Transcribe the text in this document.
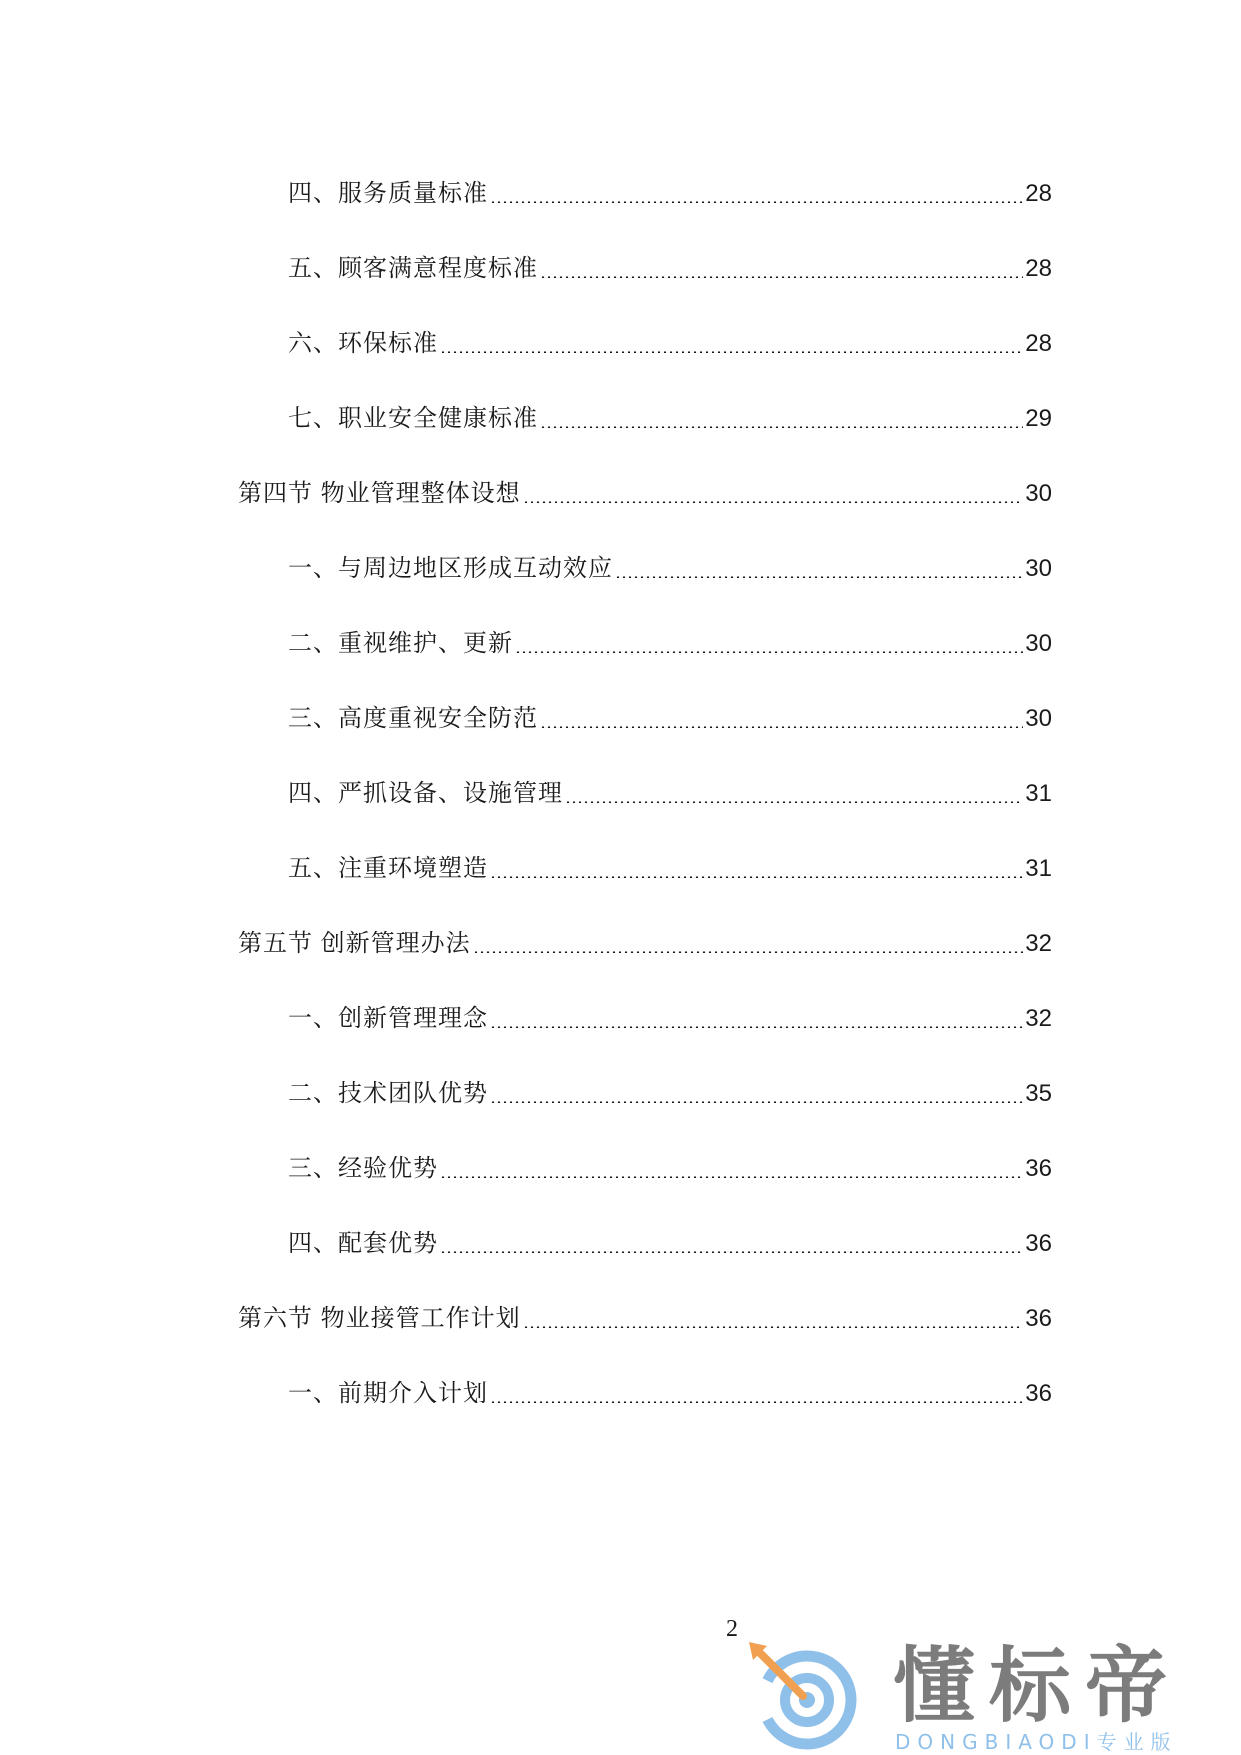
四、服务质量标准	28
五、顾客满意程度标准	28
六、环保标准	28
七、职业安全健康标准	29
第四节 物业管理整体设想	30
一、与周边地区形成互动效应	30
二、重视维护、更新	30
三、高度重视安全防范	30
四、严抓设备、设施管理	31
五、注重环境塑造	31
第五节 创新管理办法	32
一、创新管理理念	32
二、技术团队优势	35
三、经验优势	36
四、配套优势	36
第六节 物业接管工作计划	36
一、前期介入计划	36
2
懂标帝
DONGBIAODI专业版
